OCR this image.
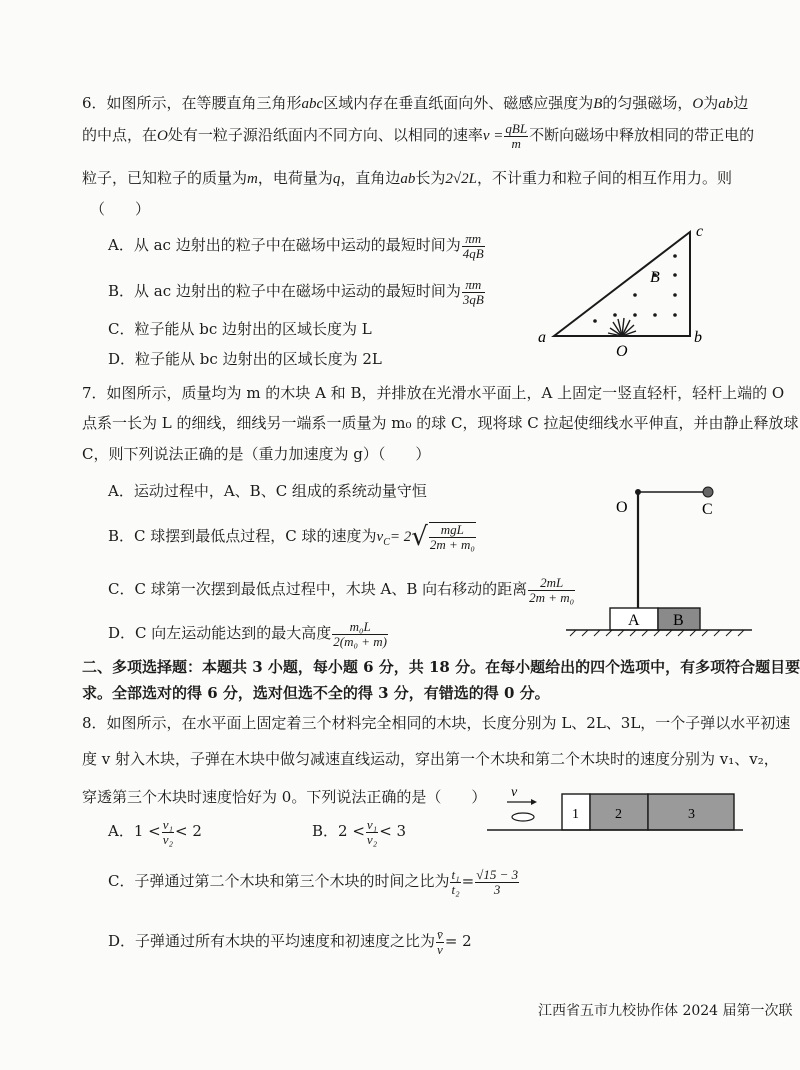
6．如图所示，在等腰直角三角形abc区域内存在垂直纸面向外、磁感应强度为B的匀强磁场，O为ab边
的中点，在O处有一粒子源沿纸面内不同方向、以相同的速率$v = \frac{\text{qBL}}{m}$ 不断向磁场中释放相同的带正电的
粒子，已知粒子的质量为m，电荷量为q，直角边ab长为2√2L，不计重力和粒子间的相互作用力。则
（　　）
A．从 ac 边射出的粒子中在磁场中运动的最短时间为 $\frac{\pi m}{4qB}$
B．从 ac 边射出的粒子中在磁场中运动的最短时间为 $\frac{\pi m}{3qB}$
C．粒子能从 bc 边射出的区域长度为 L
D．粒子能从 bc 边射出的区域长度为 2L
a	b
c
O
B
7．如图所示，质量均为 m 的木块 A 和 B，并排放在光滑水平面上，A 上固定一竖直轻杆，轻杆上端的 O
点系一长为 L 的细线，细线另一端系一质量为 m₀ 的球 C，现将球 C 拉起使细线水平伸直，并由静止释放球
C，则下列说法正确的是（重力加速度为 g）（　　）
A．运动过程中，A、B、C 组成的系统动量守恒
B．C 球摆到最低点过程，C 球的速度为$v_C= 2√ \frac{\text{mgL}}{\text{2m + m₀}}$
C．C 球第一次摆到最低点过程中，木块 A、B 向右移动的距离 $\frac{2mL}{\text{2m + m₀}}$
D．C 向左运动能达到的最大高度 $\frac{\text{m₀L}}{\text{2(m₀ + m)}}$
O	C
A B
二、多项选择题：本题共 3 小题，每小题 6 分，共 18 分。在每小题给出的四个选项中，有多项符合题目要
求。全部选对的得 6 分，选对但选不全的得 3 分，有错选的得 0 分。
8．如图所示，在水平面上固定着三个材料完全相同的木块，长度分别为 L、2L、3L，一个子弹以水平初速
度 v 射入木块，子弹在木块中做匀减速直线运动，穿出第一个木块和第二个木块时的速度分别为 v₁、v₂，
穿透第三个木块时速度恰好为 0。下列说法正确的是（　　）
A．$1 < \frac{\text{v₁}}{\text{v₂}} < 2$	B．$2 < \frac{\text{v₁}}{\text{v₂}} < 3$
C．子弹通过第二个木块和第三个木块的时间之比为 $\frac{\text{t₁}}{\text{t₂}} = \frac{√15 - 3}{3}$
D．子弹通过所有木块的平均速度和初速度之比为 $\frac{v̄}{v} = 2$
v
1	2	3
江西省五市九校协作体 2024 届第一次联
